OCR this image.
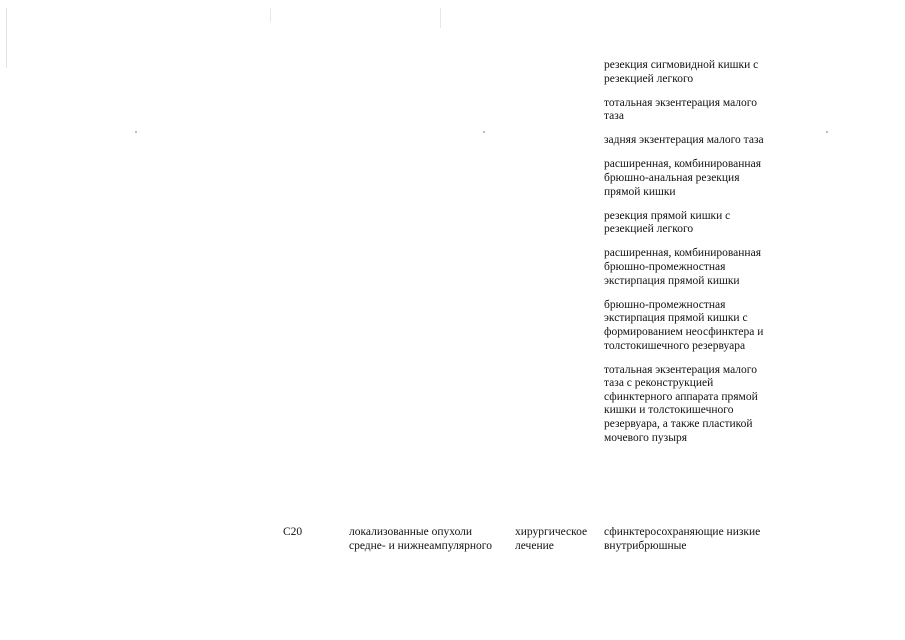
резекция сигмовидной кишки с резекцией легкого
тотальная экзентерация малого таза
задняя экзентерация малого таза
расширенная, комбинированная брюшно-анальная резекция прямой кишки
резекция прямой кишки с резекцией легкого
расширенная, комбинированная брюшно-промежностная экстирпация прямой кишки
брюшно-промежностная экстирпация прямой кишки с формированием неосфинктера и толстокишечного резервуара
тотальная экзентерация малого таза с реконструкцией сфинктерного аппарата прямой кишки и толстокишечного резервуара, а также пластикой мочевого пузыря
C20	локализованные опухоли средне- и нижнеампулярного
хирургическое лечение
сфинктеросохраняющие низкие внутрибрюшные
